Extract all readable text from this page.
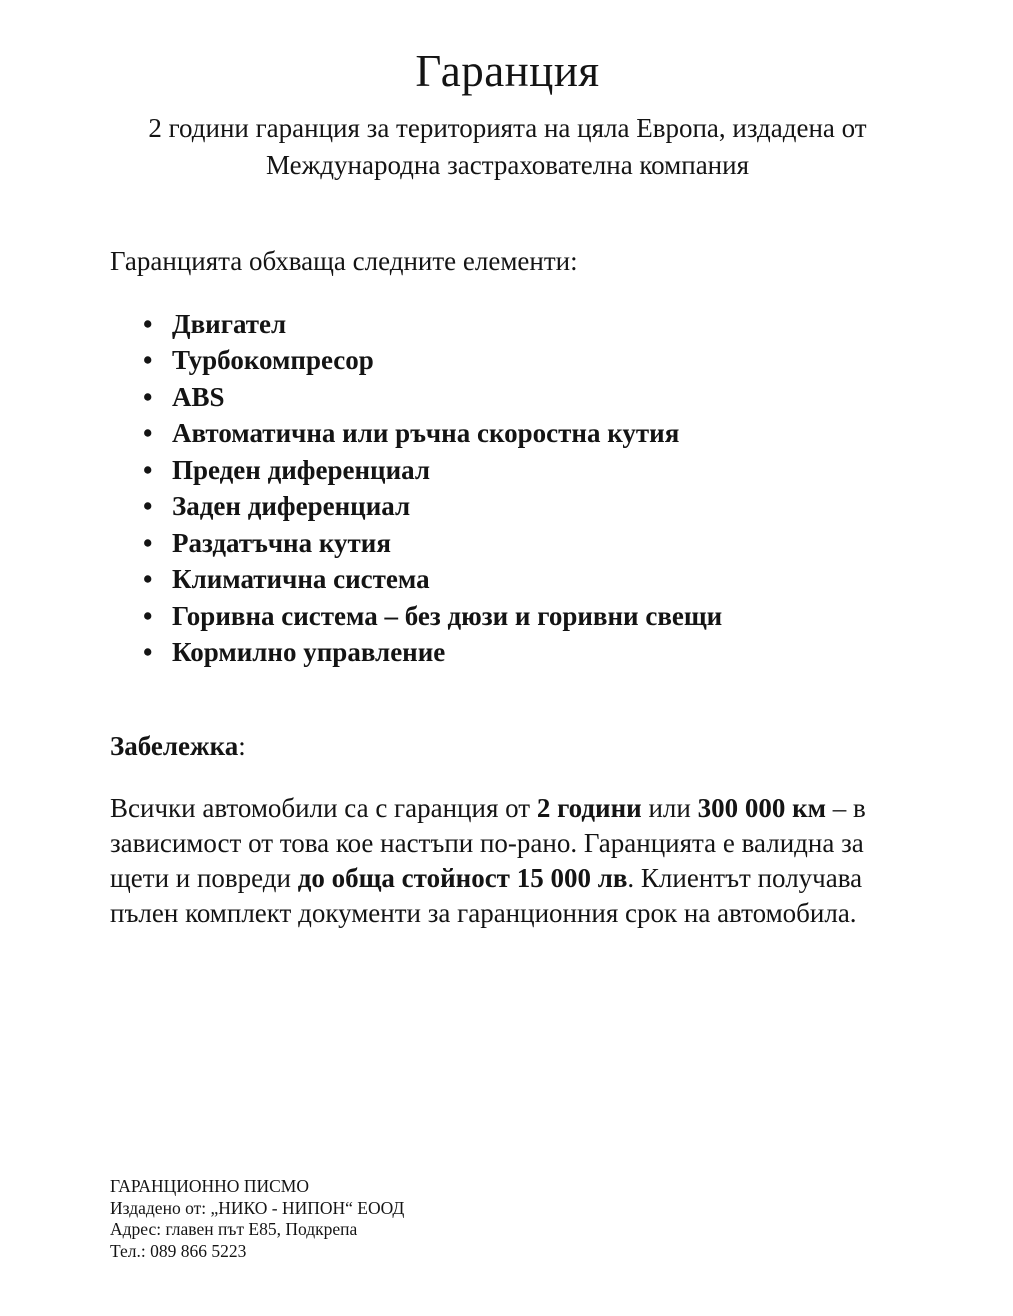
Гаранция
2 години гаранция за територията на цяла Европа, издадена от
Международна застрахователна компания

Гаранцията обхваща следните елементи:

• Двигател
• Турбокомпресор
• ABS
• Автоматична или ръчна скоростна кутия
• Преден диференциал
• Заден диференциал
• Раздатъчна кутия
• Климатична система
• Горивна система – без дюзи и горивни свещи
• Кормилно управление

Забележка:

Всички автомобили са с гаранция от 2 години или 300 000 км – в зависимост от това кое настъпи по-рано. Гаранцията е валидна за щети и повреди до обща стойност 15 000 лв. Клиентът получава пълен комплект документи за гаранционния срок на автомобила.

ГАРАНЦИОННО ПИСМО
Издадено от: „НИКО - НИПОН“ ЕООД
Адрес: главен път Е85, Подкрепа
Тел.: 089 866 5223
